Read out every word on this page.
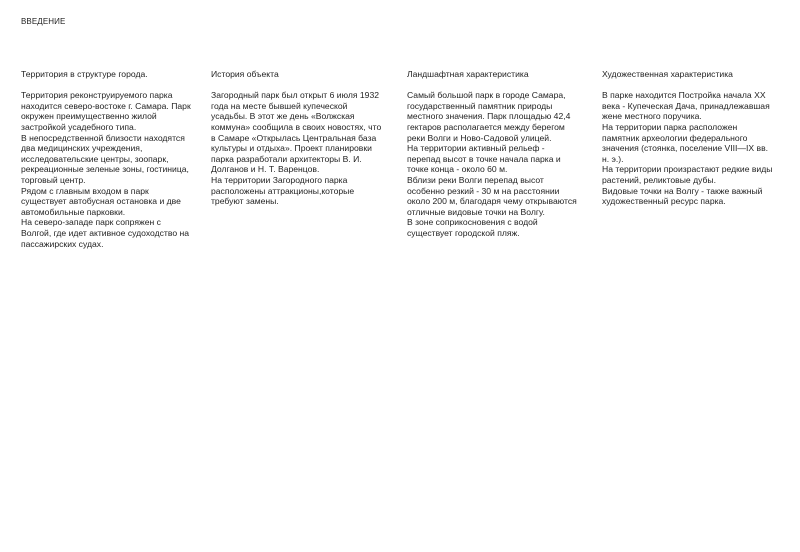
ВВЕДЕНИЕ
Территория в структуре города.

Территория реконструируемого парка находится северо-востоке г. Самара. Парк окружен преимущественно жилой застройкой усадебного типа.

В непосредственной близости находятся два медицинских учреждения, исследовательские центры, зоопарк, рекреационные зеленые зоны, гостиница, торговый центр.

Рядом с главным входом в парк существует автобусная остановка и две автомобильные парковки.

На северо-западе парк сопряжен с Волгой, где идет активное судоходство на пассажирских судах.

История объекта

Загородный парк был открыт 6 июля 1932 года на месте бывшей купеческой усадьбы. В этот же день «Волжская коммуна» сообщила в своих новостях, что в Самаре «Открылась Центральная база культуры и отдыха». Проект планировки парка разработали архитекторы В. И. Долганов и Н. Т. Варенцов.

На территории Загородного парка расположены аттракционы,которые требуют замены.

Ландшафтная характеристика

Самый большой парк в городе Самара, государственный памятник природы местного значения. Парк площадью 42,4 гектаров располагается между берегом реки Волги и Ново-Садовой улицей.

На территории активный рельеф - перепад высот в точке начала парка и точке конца - около 60 м.

Вблизи реки Волги перепад высот особенно резкий - 30 м на расстоянии около 200 м, благодаря чему открываются отличные видовые точки на Волгу.

В зоне соприкосновения с водой существует городской пляж.

Художественная характеристика

В парке находится Постройка начала XX века - Купеческая Дача, принадлежавшая жене местного поручика.

На территории парка расположен памятник археологии федерального значения (стоянка, поселение VIII—IX вв. н. э.).

На территории произрастают редкие виды растений, реликтовые дубы.

Видовые точки на Волгу - также важный художественный ресурс парка.
